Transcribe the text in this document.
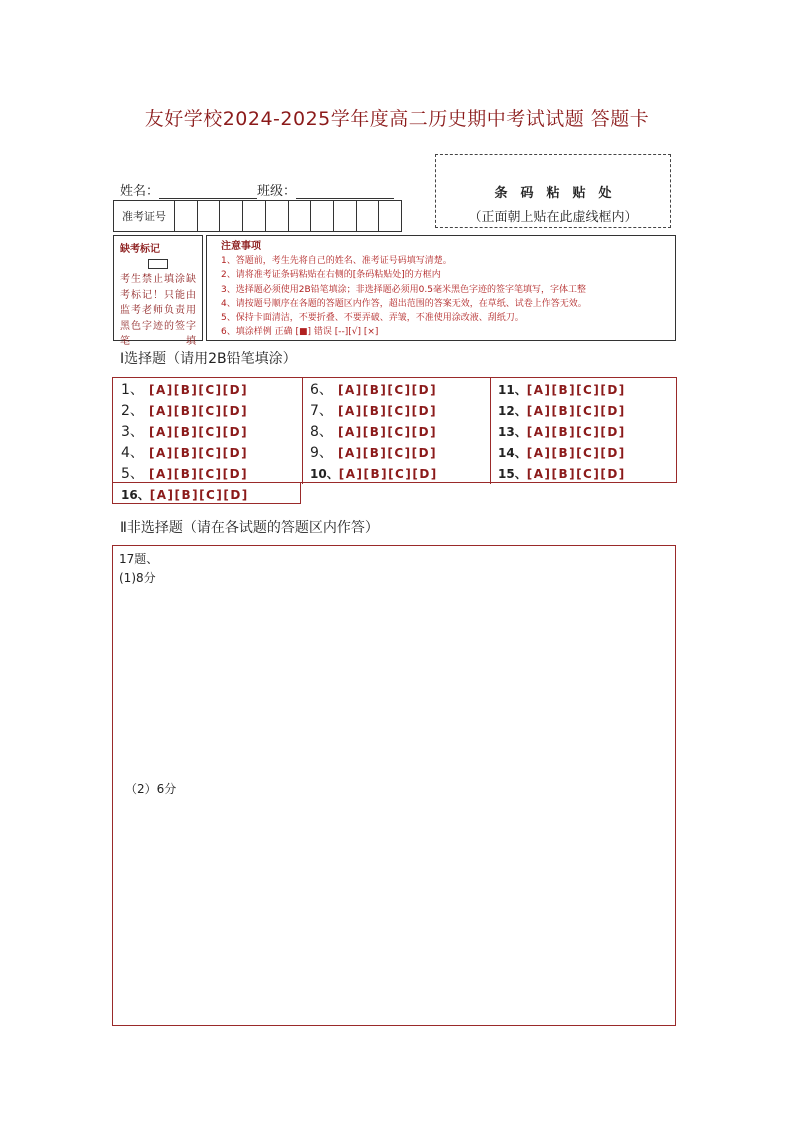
友好学校2024-2025学年度高二历史期中考试试题 答题卡
姓名：	班级：	条码粘贴处
（正面朝上贴在此虚线框内）
准考证号
缺考标记
考生禁止填涂缺考标记！只能由监考老师负责用黑色字迹的签字笔填
注意事项
1、答题前，考生先将自己的姓名、准考证号码填写清楚。
2、请将准考证条码粘贴在右侧的[条码粘贴处]的方框内
3、选择题必须使用2B铅笔填涂；非选择题必须用0.5毫米黑色字迹的签字笔填写，字体工整
4、请按题号顺序在各题的答题区内作答，超出范围的答案无效，在草纸、试卷上作答无效。
5、保持卡面清洁，不要折叠、不要弄破、弄皱，不准使用涂改液、刮纸刀。
6、填涂样例 正确 [■] 错误 [--][√] [×]
Ⅰ选择题（请用2B铅笔填涂）
1、 [A][B][C][D]
2、 [A][B][C][D]
3、 [A][B][C][D]
4、 [A][B][C][D]
5、 [A][B][C][D]
6、 [A][B][C][D]
7、 [A][B][C][D]
8、 [A][B][C][D]
9、 [A][B][C][D]
10、[A][B][C][D]
11、[A][B][C][D]
12、[A][B][C][D]
13、[A][B][C][D]
14、[A][B][C][D]
15、[A][B][C][D]
16、[A][B][C][D]
Ⅱ非选择题（请在各试题的答题区内作答）
17题、
(1)8分
（2）6分
